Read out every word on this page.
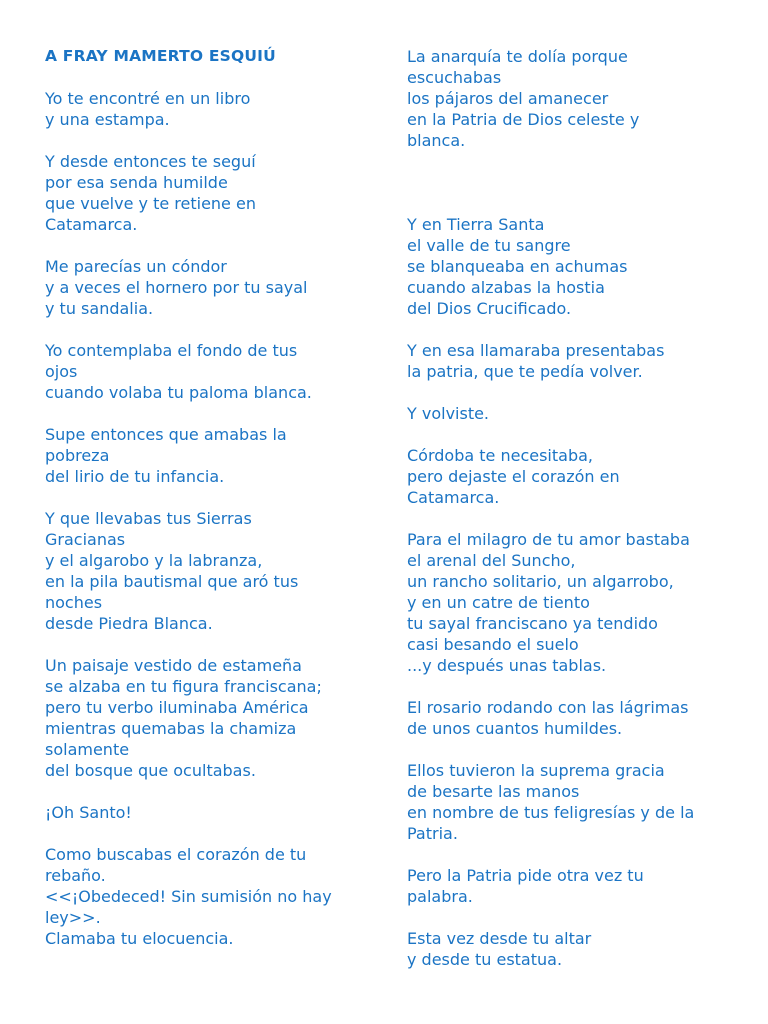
A FRAY MAMERTO ESQUIÚ
Yo te encontré en un libro
y una estampa.
Y desde entonces te seguí
por esa senda humilde
que vuelve y te retiene en
Catamarca.
Me parecías un cóndor
y a veces el hornero por tu sayal
y tu sandalia.
Yo contemplaba el fondo de tus
ojos
cuando volaba tu paloma blanca.
Supe entonces que amabas la
pobreza
del lirio de tu infancia.
Y que llevabas tus Sierras
Gracianas
y el algarobo y la labranza,
en la pila bautismal que aró tus
noches
desde Piedra Blanca.
Un paisaje vestido de estameña
se alzaba en tu figura franciscana;
pero tu verbo iluminaba América
mientras quemabas la chamiza
solamente
del bosque que ocultabas.
¡Oh Santo!
Como buscabas el corazón de tu
rebaño.
<<¡Obedeced! Sin sumisión no hay
ley>>.
Clamaba tu elocuencia.
La anarquía te dolía porque
escuchabas
los pájaros del amanecer
en la Patria de Dios celeste y
blanca.
Y en Tierra Santa
el valle de tu sangre
se blanqueaba en achumas
cuando alzabas la hostia
del Dios Crucificado.
Y en esa llamaraba presentabas
la patria, que te pedía volver.
Y volviste.
Córdoba te necesitaba,
pero dejaste el corazón en
Catamarca.
Para el milagro de tu amor bastaba
el arenal del Suncho,
un rancho solitario, un algarrobo,
y en un catre de tiento
tu sayal franciscano ya tendido
casi besando el suelo
...y después unas tablas.
El rosario rodando con las lágrimas
de unos cuantos humildes.
Ellos tuvieron la suprema gracia
de besarte las manos
en nombre de tus feligresías y de la
Patria.
Pero la Patria pide otra vez tu
palabra.
Esta vez desde tu altar
y desde tu estatua.
